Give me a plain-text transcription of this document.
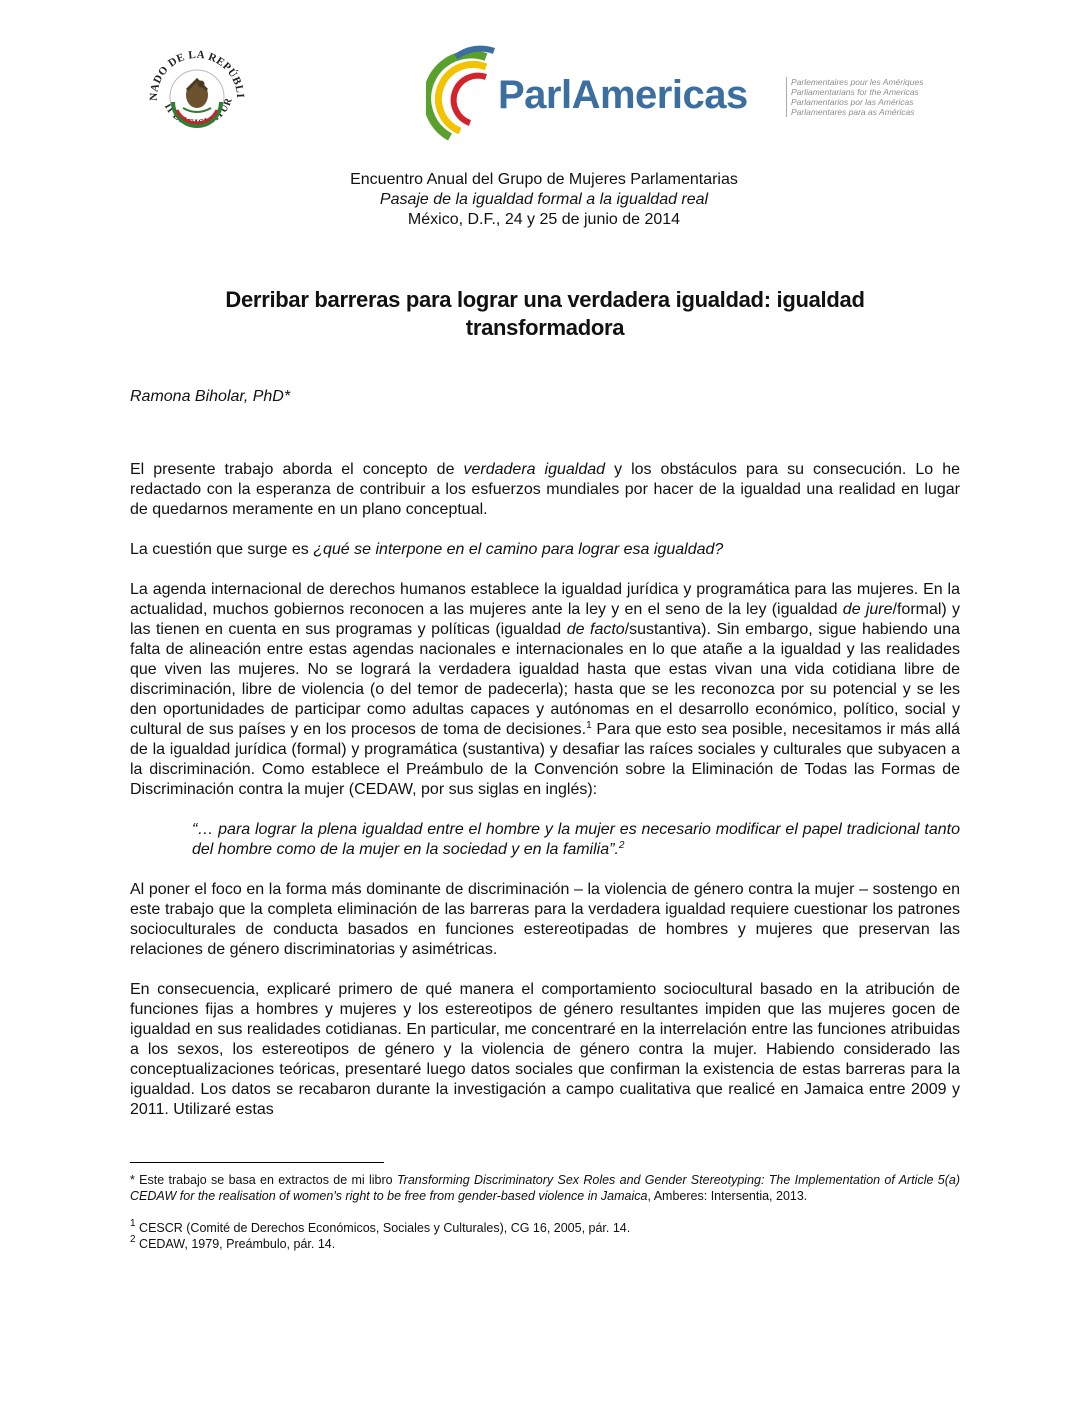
NADO DE LA REPÚBLI
II LEGISLATUR	ParlAmericas	Parlementaires pour les Amériques
Parliamentarians for the Americas
Parlamentarios por las Américas
Parlamentares para as Américas
Encuentro Anual del Grupo de Mujeres Parlamentarias
Pasaje de la igualdad formal a la igualdad real
México, D.F., 24 y 25 de junio de 2014
Derribar barreras para lograr una verdadera igualdad: igualdad transformadora
Ramona Biholar, PhD*

El presente trabajo aborda el concepto de verdadera igualdad y los obstáculos para su consecución. Lo he redactado con la esperanza de contribuir a los esfuerzos mundiales por hacer de la igualdad una realidad en lugar de quedarnos meramente en un plano conceptual.

La cuestión que surge es ¿qué se interpone en el camino para lograr esa igualdad?

La agenda internacional de derechos humanos establece la igualdad jurídica y programática para las mujeres. En la actualidad, muchos gobiernos reconocen a las mujeres ante la ley y en el seno de la ley (igualdad de jure/formal) y las tienen en cuenta en sus programas y políticas (igualdad de facto/sustantiva). Sin embargo, sigue habiendo una falta de alineación entre estas agendas nacionales e internacionales en lo que atañe a la igualdad y las realidades que viven las mujeres. No se logrará la verdadera igualdad hasta que estas vivan una vida cotidiana libre de discriminación, libre de violencia (o del temor de padecerla); hasta que se les reconozca por su potencial y se les den oportunidades de participar como adultas capaces y autónomas en el desarrollo económico, político, social y cultural de sus países y en los procesos de toma de decisiones.$^1$ Para que esto sea posible, necesitamos ir más allá de la igualdad jurídica (formal) y programática (sustantiva) y desafiar las raíces sociales y culturales que subyacen a la discriminación. Como establece el Preámbulo de la Convención sobre la Eliminación de Todas las Formas de Discriminación contra la mujer (CEDAW, por sus siglas en inglés):

“… para lograr la plena igualdad entre el hombre y la mujer es necesario modificar el papel tradicional tanto del hombre como de la mujer en la sociedad y en la familia”.$^2$

Al poner el foco en la forma más dominante de discriminación – la violencia de género contra la mujer – sostengo en este trabajo que la completa eliminación de las barreras para la verdadera igualdad requiere cuestionar los patrones socioculturales de conducta basados en funciones estereotipadas de hombres y mujeres que preservan las relaciones de género discriminatorias y asimétricas.

En consecuencia, explicaré primero de qué manera el comportamiento sociocultural basado en la atribución de funciones fijas a hombres y mujeres y los estereotipos de género resultantes impiden que las mujeres gocen de igualdad en sus realidades cotidianas. En particular, me concentraré en la interrelación entre las funciones atribuidas a los sexos, los estereotipos de género y la violencia de género contra la mujer. Habiendo considerado las conceptualizaciones teóricas, presentaré luego datos sociales que confirman la existencia de estas barreras para la igualdad. Los datos se recabaron durante la investigación a campo cualitativa que realicé en Jamaica entre 2009 y 2011. Utilizaré estas

* Este trabajo se basa en extractos de mi libro Transforming Discriminatory Sex Roles and Gender Stereotyping: The Implementation of Article 5(a) CEDAW for the realisation of women's right to be free from gender-based violence in Jamaica, Amberes: Intersentia, 2013.

$^1$ CESCR (Comité de Derechos Económicos, Sociales y Culturales), CG 16, 2005, pár. 14.

$^2$ CEDAW, 1979, Preámbulo, pár. 14.
